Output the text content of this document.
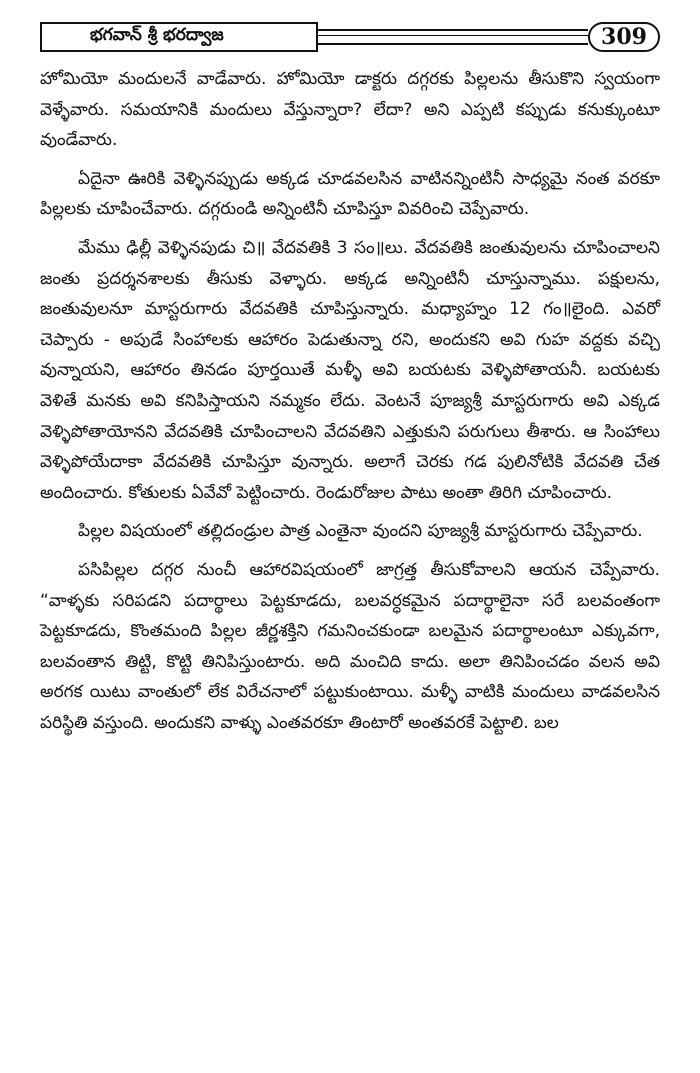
భగవాన్ శ్రీ భరద్వాజ	309

హోమియో మందులనే వాడేవారు. హోమియో డాక్టరు దగ్గరకు పిల్లలను తీసుకొని స్వయంగా వెళ్ళేవారు. సమయానికి మందులు వేస్తున్నారా? లేదా? అని ఎప్పటి కప్పుడు కనుక్కుంటూ వుండేవారు.

ఏదైనా ఊరికి వెళ్ళినప్పుడు అక్కడ చూడవలసిన వాటినన్నింటినీ సాధ్యమై నంత వరకూ పిల్లలకు చూపించేవారు. దగ్గరుండి అన్నింటినీ చూపిస్తూ వివరించి చెప్పేవారు.

మేము ఢిల్లీ వెళ్ళినపుడు చి॥ వేదవతికి 3 సం॥లు. వేదవతికి జంతువులను చూపించాలని జంతు ప్రదర్శనశాలకు తీసుకు వెళ్ళారు. అక్కడ అన్నింటినీ చూస్తున్నాము. పక్షులను, జంతువులనూ మాస్టరుగారు వేదవతికి చూపిస్తున్నారు. మధ్యాహ్నం 12 గం॥లైంది. ఎవరో చెప్పారు - అపుడే సింహాలకు ఆహారం పెడుతున్నా రని, అందుకని అవి గుహ వద్దకు వచ్చి వున్నాయని, ఆహారం తినడం పూర్తయితే మళ్ళీ అవి బయటకు వెళ్ళిపోతాయనీ. బయటకు వెళితే మనకు అవి కనిపిస్తాయని నమ్మకం లేదు. వెంటనే పూజ్యశ్రీ మాస్టరుగారు అవి ఎక్కడ వెళ్ళిపోతాయోనని వేదవతికి చూపించాలని వేదవతిని ఎత్తుకుని పరుగులు తీశారు. ఆ సింహాలు వెళ్ళిపోయేదాకా వేదవతికి చూపిస్తూ వున్నారు. అలాగే చెరకు గడ పులినోటికి వేదవతి చేత అందించారు. కోతులకు ఏవేవో పెట్టించారు. రెండురోజుల పాటు అంతా తిరిగి చూపించారు.

పిల్లల విషయంలో తల్లిదండ్రుల పాత్ర ఎంతైనా వుందని పూజ్యశ్రీ మాస్టరుగారు చెప్పేవారు.

పసిపిల్లల దగ్గర నుంచీ ఆహారవిషయంలో జాగ్రత్త తీసుకోవాలని ఆయన చెప్పేవారు. “వాళ్ళకు సరిపడని పదార్థాలు పెట్టకూడదు, బలవర్ధకమైన పదార్థాలైనా సరే బలవంతంగా పెట్టకూడదు, కొంతమంది పిల్లల జీర్ణశక్తిని గమనించకుండా బలమైన పదార్థాలంటూ ఎక్కువగా, బలవంతాన తిట్టి, కొట్టి తినిపిస్తుంటారు. అది మంచిది కాదు. అలా తినిపించడం వలన అవి అరగక యిటు వాంతులో లేక విరేచనాలో పట్టుకుంటాయి. మళ్ళీ వాటికి మందులు వాడవలసిన పరిస్థితి వస్తుంది. అందుకని వాళ్ళు ఎంతవరకూ తింటారో అంతవరకే పెట్టాలి. బల
